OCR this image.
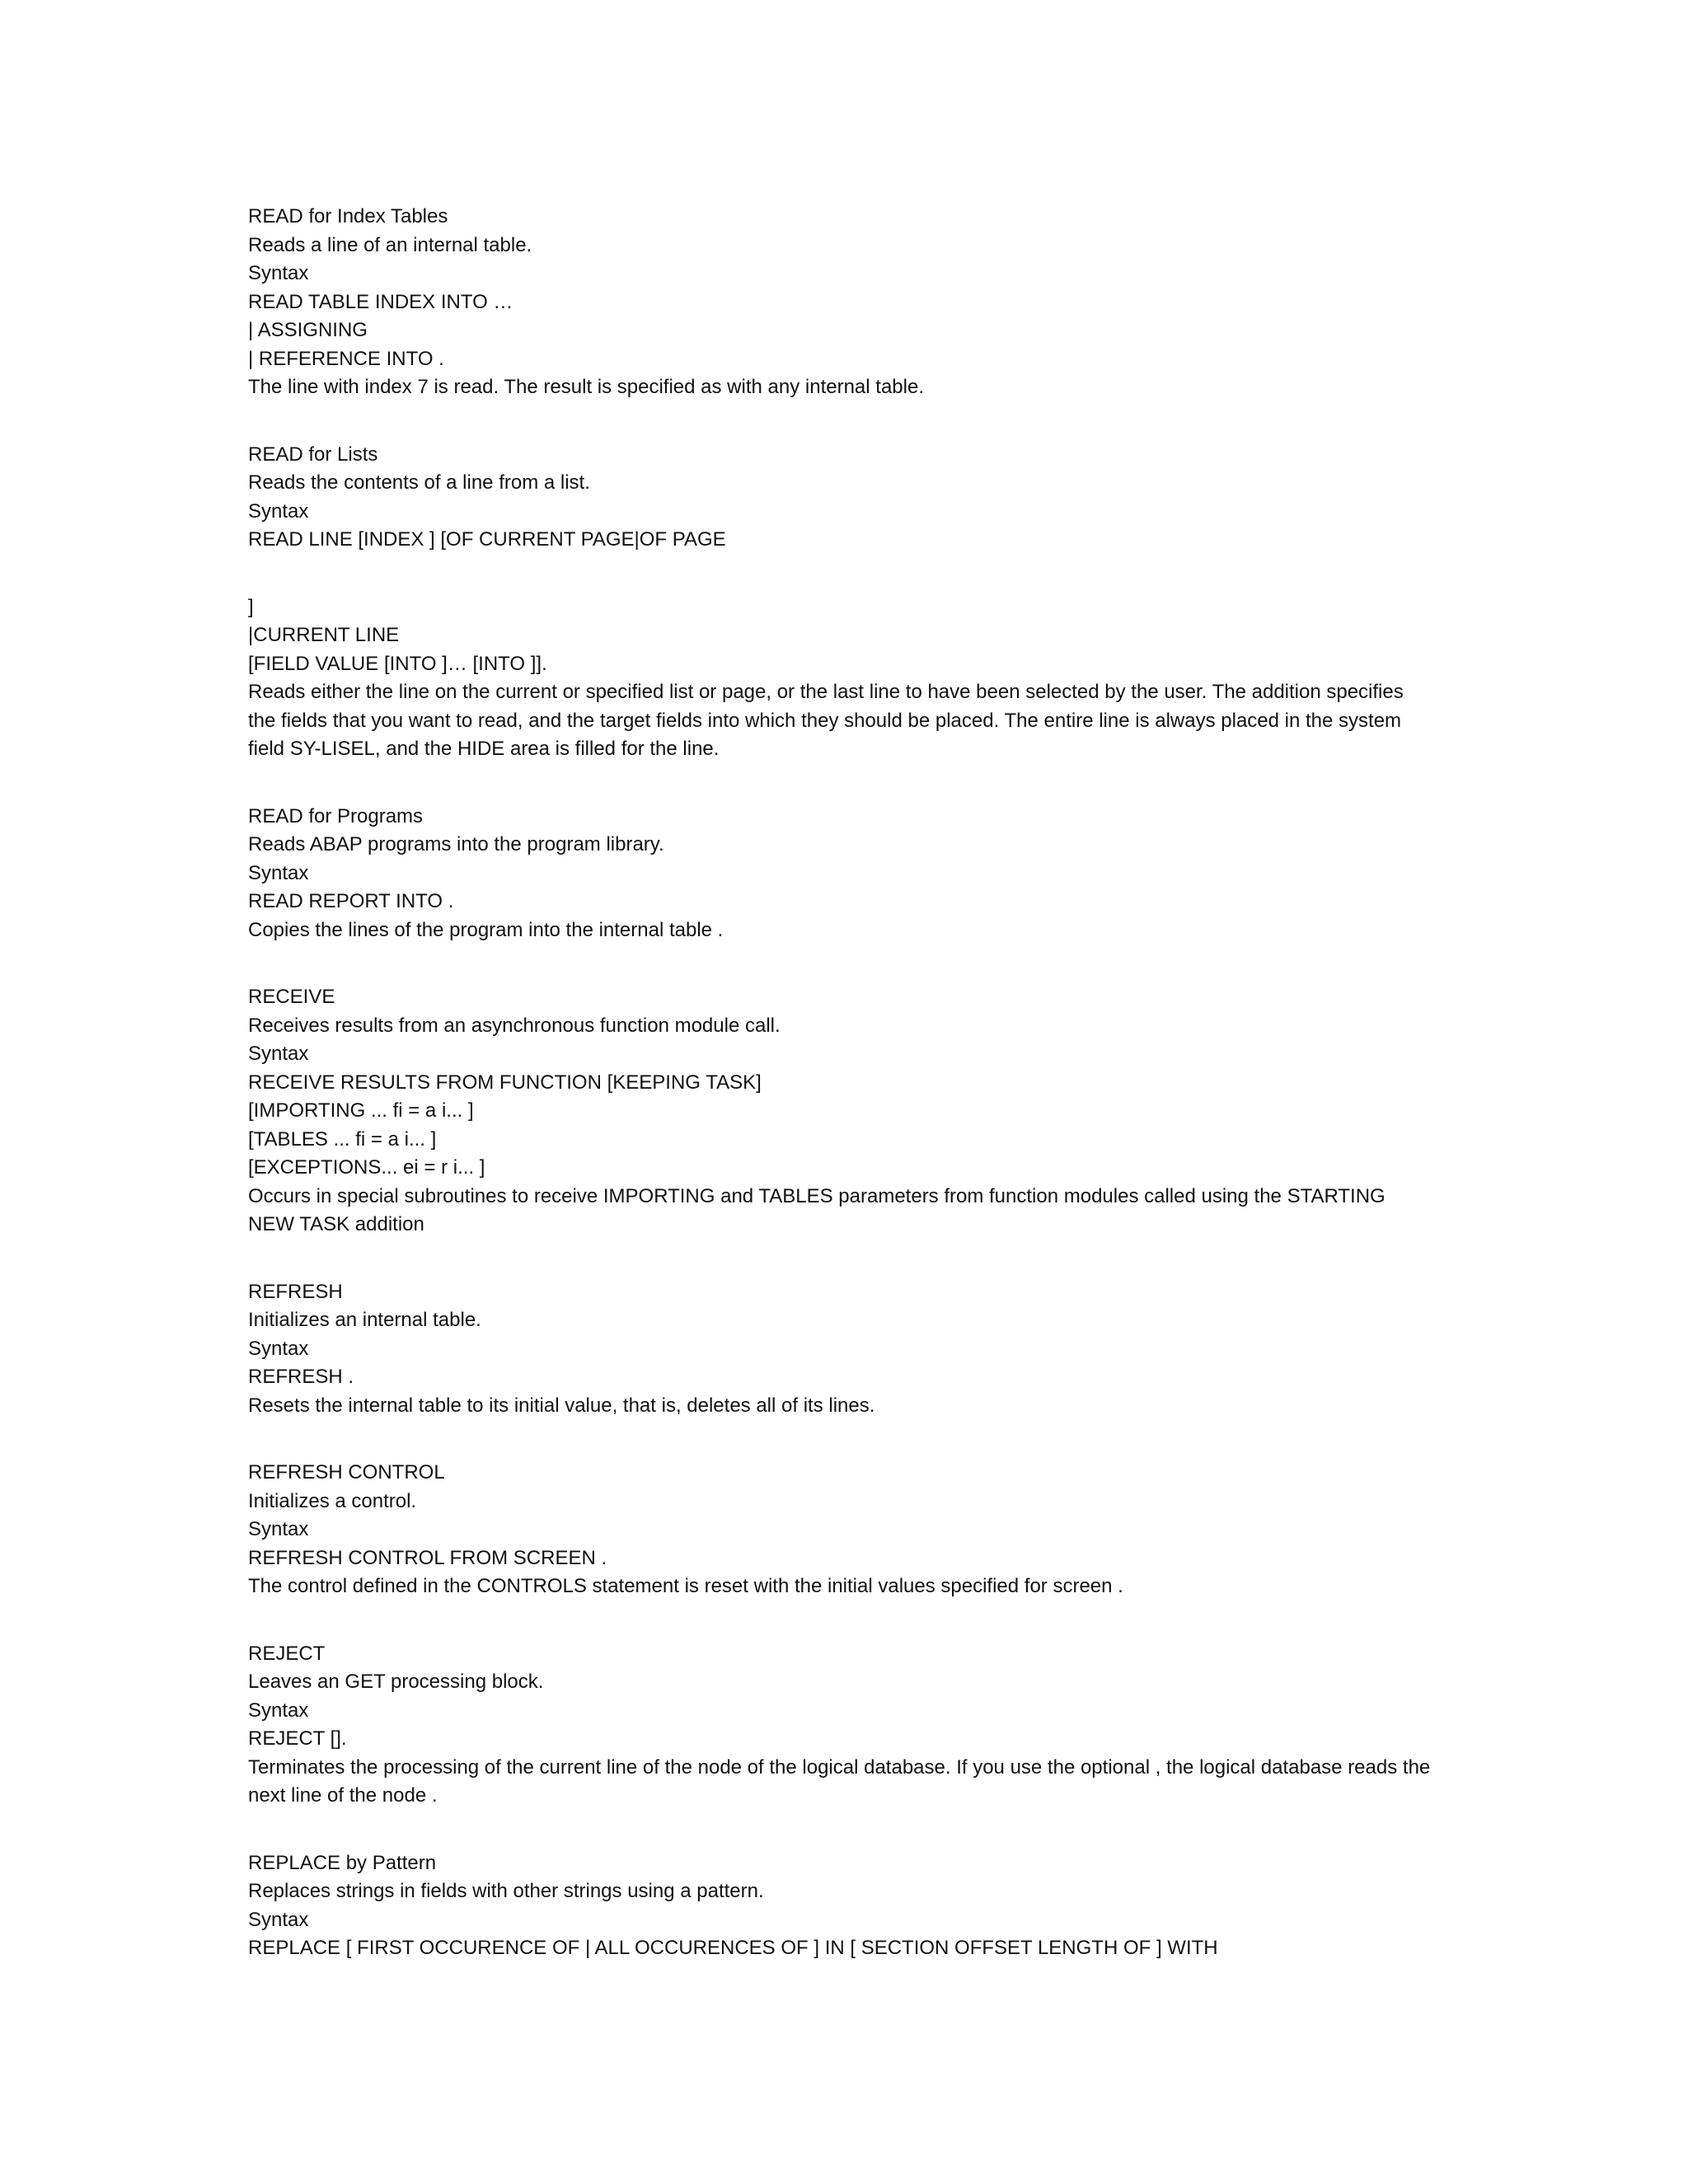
READ for Index Tables

Reads a line of an internal table.

Syntax

READ TABLE INDEX INTO …

| ASSIGNING

| REFERENCE INTO .

The line with index 7 is read. The result is specified as with any internal table.

READ for Lists

Reads the contents of a line from a list.

Syntax

READ LINE [INDEX ] [OF CURRENT PAGE|OF PAGE

]

|CURRENT LINE

[FIELD VALUE [INTO ]… [INTO ]].

Reads either the line on the current or specified list or page, or the last line to have been selected by the user. The addition specifies the fields that you want to read, and the target fields into which they should be placed. The entire line is always placed in the system field SY-LISEL, and the HIDE area is filled for the line.

READ for Programs

Reads ABAP programs into the program library.

Syntax

READ REPORT INTO .

Copies the lines of the program into the internal table .

RECEIVE

Receives results from an asynchronous function module call.

Syntax

RECEIVE RESULTS FROM FUNCTION [KEEPING TASK]

[IMPORTING ... fi = a i... ]

[TABLES ... fi = a i... ]

[EXCEPTIONS... ei = r i... ]

Occurs in special subroutines to receive IMPORTING and TABLES parameters from function modules called using the STARTING NEW TASK addition

REFRESH

Initializes an internal table.

Syntax

REFRESH .

Resets the internal table to its initial value, that is, deletes all of its lines.

REFRESH CONTROL

Initializes a control.

Syntax

REFRESH CONTROL FROM SCREEN .

The control defined in the CONTROLS statement is reset with the initial values specified for screen .

REJECT

Leaves an GET processing block.

Syntax

REJECT [].

Terminates the processing of the current line of the node of the logical database. If you use the optional , the logical database reads the next line of the node .

REPLACE by Pattern

Replaces strings in fields with other strings using a pattern.

Syntax

REPLACE [ FIRST OCCURENCE OF | ALL OCCURENCES OF ] IN [ SECTION OFFSET LENGTH OF ] WITH
